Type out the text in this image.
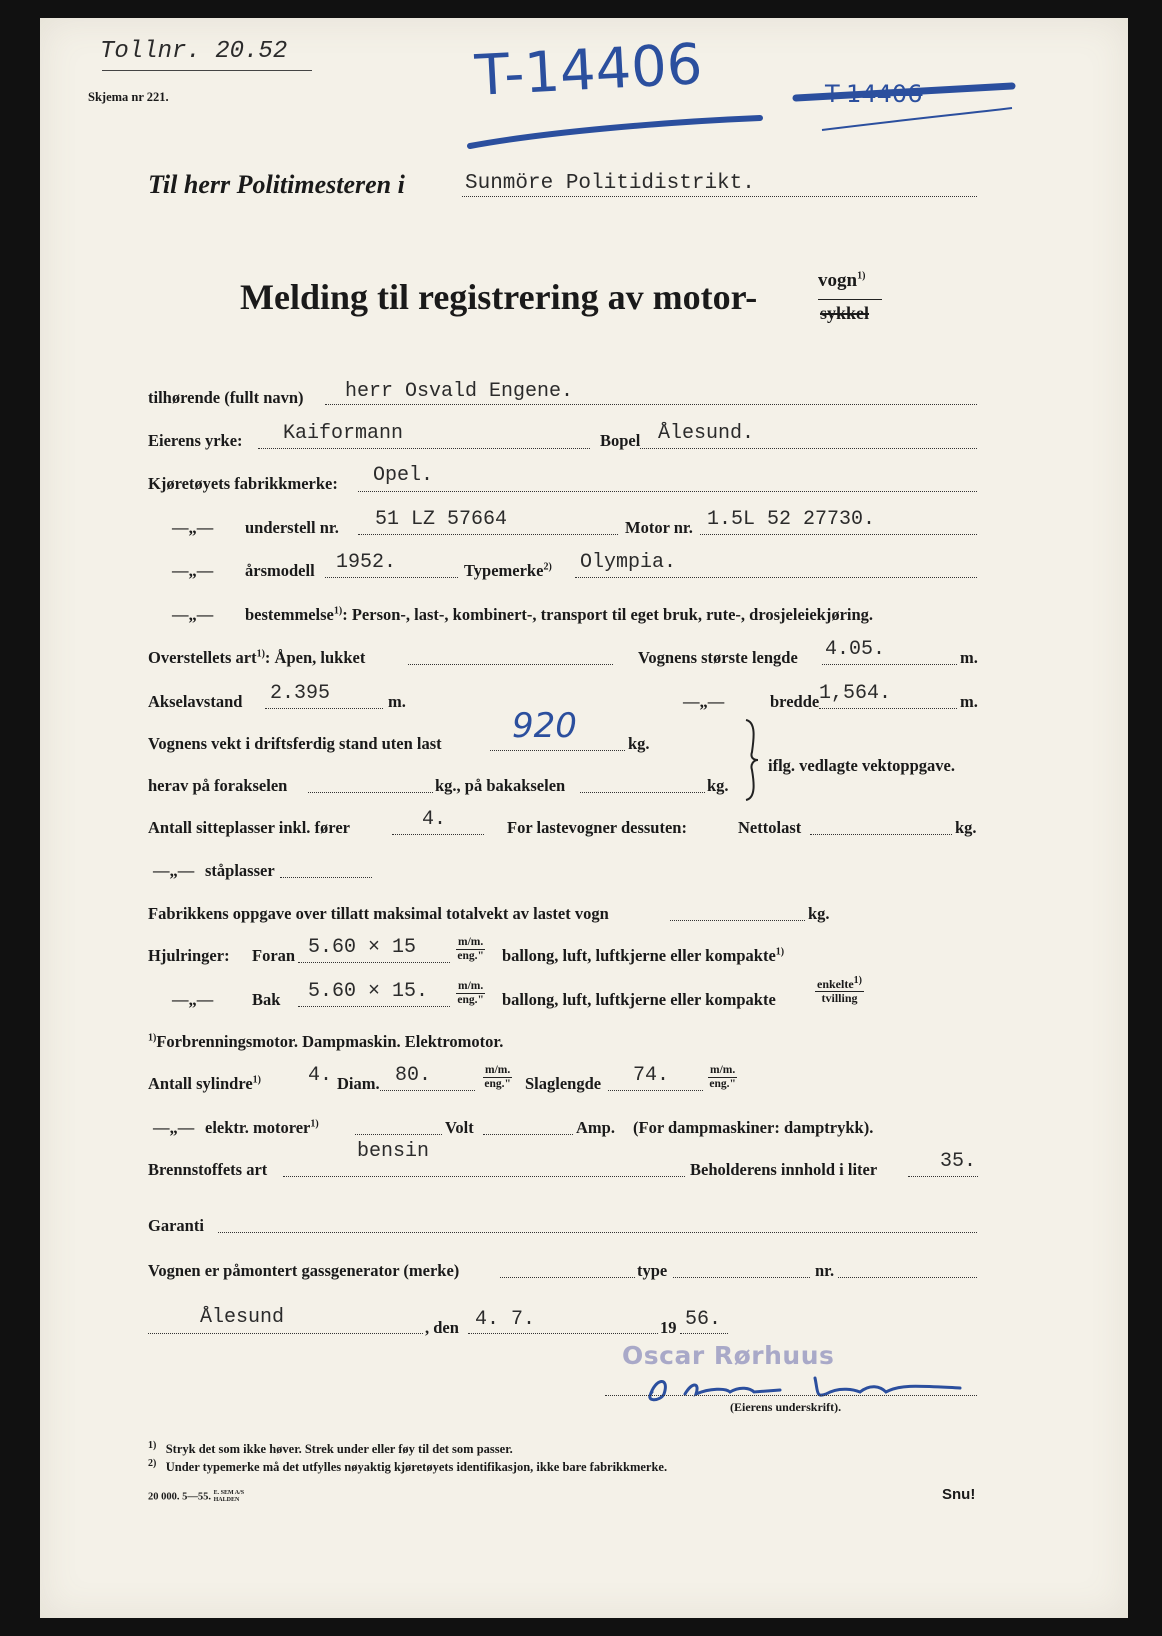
Tollnr. 20.52
Skjema nr 221.	T-14406	T-14406
Til herr Politimesteren i	Sunmöre Politidistrikt.
Melding til registrering av motor-	vogn$^{1)}$
sykkel
tilhørende (fullt navn) herr Osvald Engene.
Eierens yrke: Kaiformann	Bopel Ålesund.
Kjøretøyets fabrikkmerke: Opel.
—„— understell nr. 51 LZ 57664	Motor nr. 1.5L 52 27730.
—„— årsmodell 1952.	Typemerke$^{2)}$ Olympia.
—„— bestemmelse$^{1)}$: Person-, last-, kombinert-, transport til eget bruk, rute-, drosjeleiekjøring.
Overstellets art$^{1)}$: Åpen, lukket	Vognens største lengde 4.05.	m.
Akselavstand 2.395	m.	—„—	bredde 1,564.	m.
Vognens vekt i driftsferdig stand uten last 920	kg.
herav på forakselen	kg., på bakakselen	kg.
iflg. vedlagte vektoppgave.
Antall sitteplasser inkl. fører	4.	For lastevogner dessuten:	Nettolast	kg.
—„— ståplasser
Fabrikkens oppgave over tillatt maksimal totalvekt av lastet vogn	kg.
Hjulringer: Foran 5.60 × 15	$\frac{m/m.}{\text{eng."}}$ ballong, luft, luftkjerne eller kompakte$^{1)}$
—„— Bak 5.60 × 15. $\frac{m/m.}{\text{eng."}}$ ballong, luft, luftkjerne eller kompakte	$\frac{enkelte^{1)}}{\text{tvilling}}$
$^{1)}$Forbrenningsmotor. Dampmaskin. Elektromotor.
Antall sylindre$^{1)}$ 4. Diam. 80.	$\frac{m/m.}{\text{eng."}}$ Slaglengde 74.	$\frac{m/m.}{\text{eng."}}$
—„— elektr. motorer$^{1)}$	Volt	Amp. (For dampmaskiner: damptrykk).
Brennstoffets art
bensin
Beholderens innhold i liter	35.
Garanti
Vognen er påmontert gassgenerator (merke)	type	nr.
Ålesund	, den 4. 7.	19 56.
Oscar Rørhuus
(Eierens underskrift).
$^{1)}$ Stryk det som ikke høver. Strek under eller føy til det som passer.
$^{2)}$ Under typemerke må det utfylles nøyaktig kjøretøyets identifikasjon, ikke bare fabrikkmerke.
20 000. 5—55. E. SEM A/S HALDEN	Snu!
